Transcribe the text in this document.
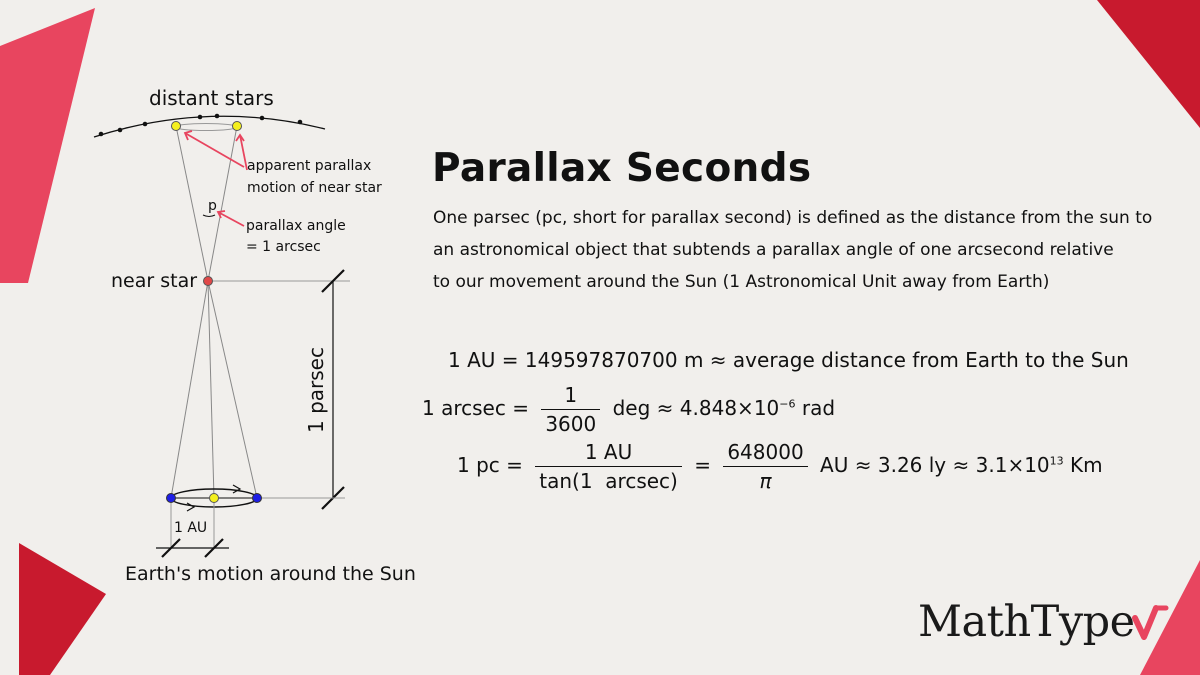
distant stars
apparent parallax
motion of near star
p
parallax angle
= 1 arcsec
near star
1 parsec
1 AU
Earth's motion around the Sun
Parallax Seconds
One parsec (pc, short for parallax second) is defined as the distance from the sun to
an astronomical object that subtends a parallax angle of one arcsecond relative
to our movement around the Sun (1 Astronomical Unit away from Earth)
1 AU = 149597870700 m ≈ average distance from Earth to the Sun
1 $arcsec = \frac{1}{3600}$ deg ≈ $4.848\times 10^{-6}$ rad
1 pc = $\frac{1 AU}{\text{tan(1  arcsec)}} = \frac{648000}{\pi}$ AU ≈ 3.26 ly ≈ $3.1\times 10^{13}$ Km
MathType
